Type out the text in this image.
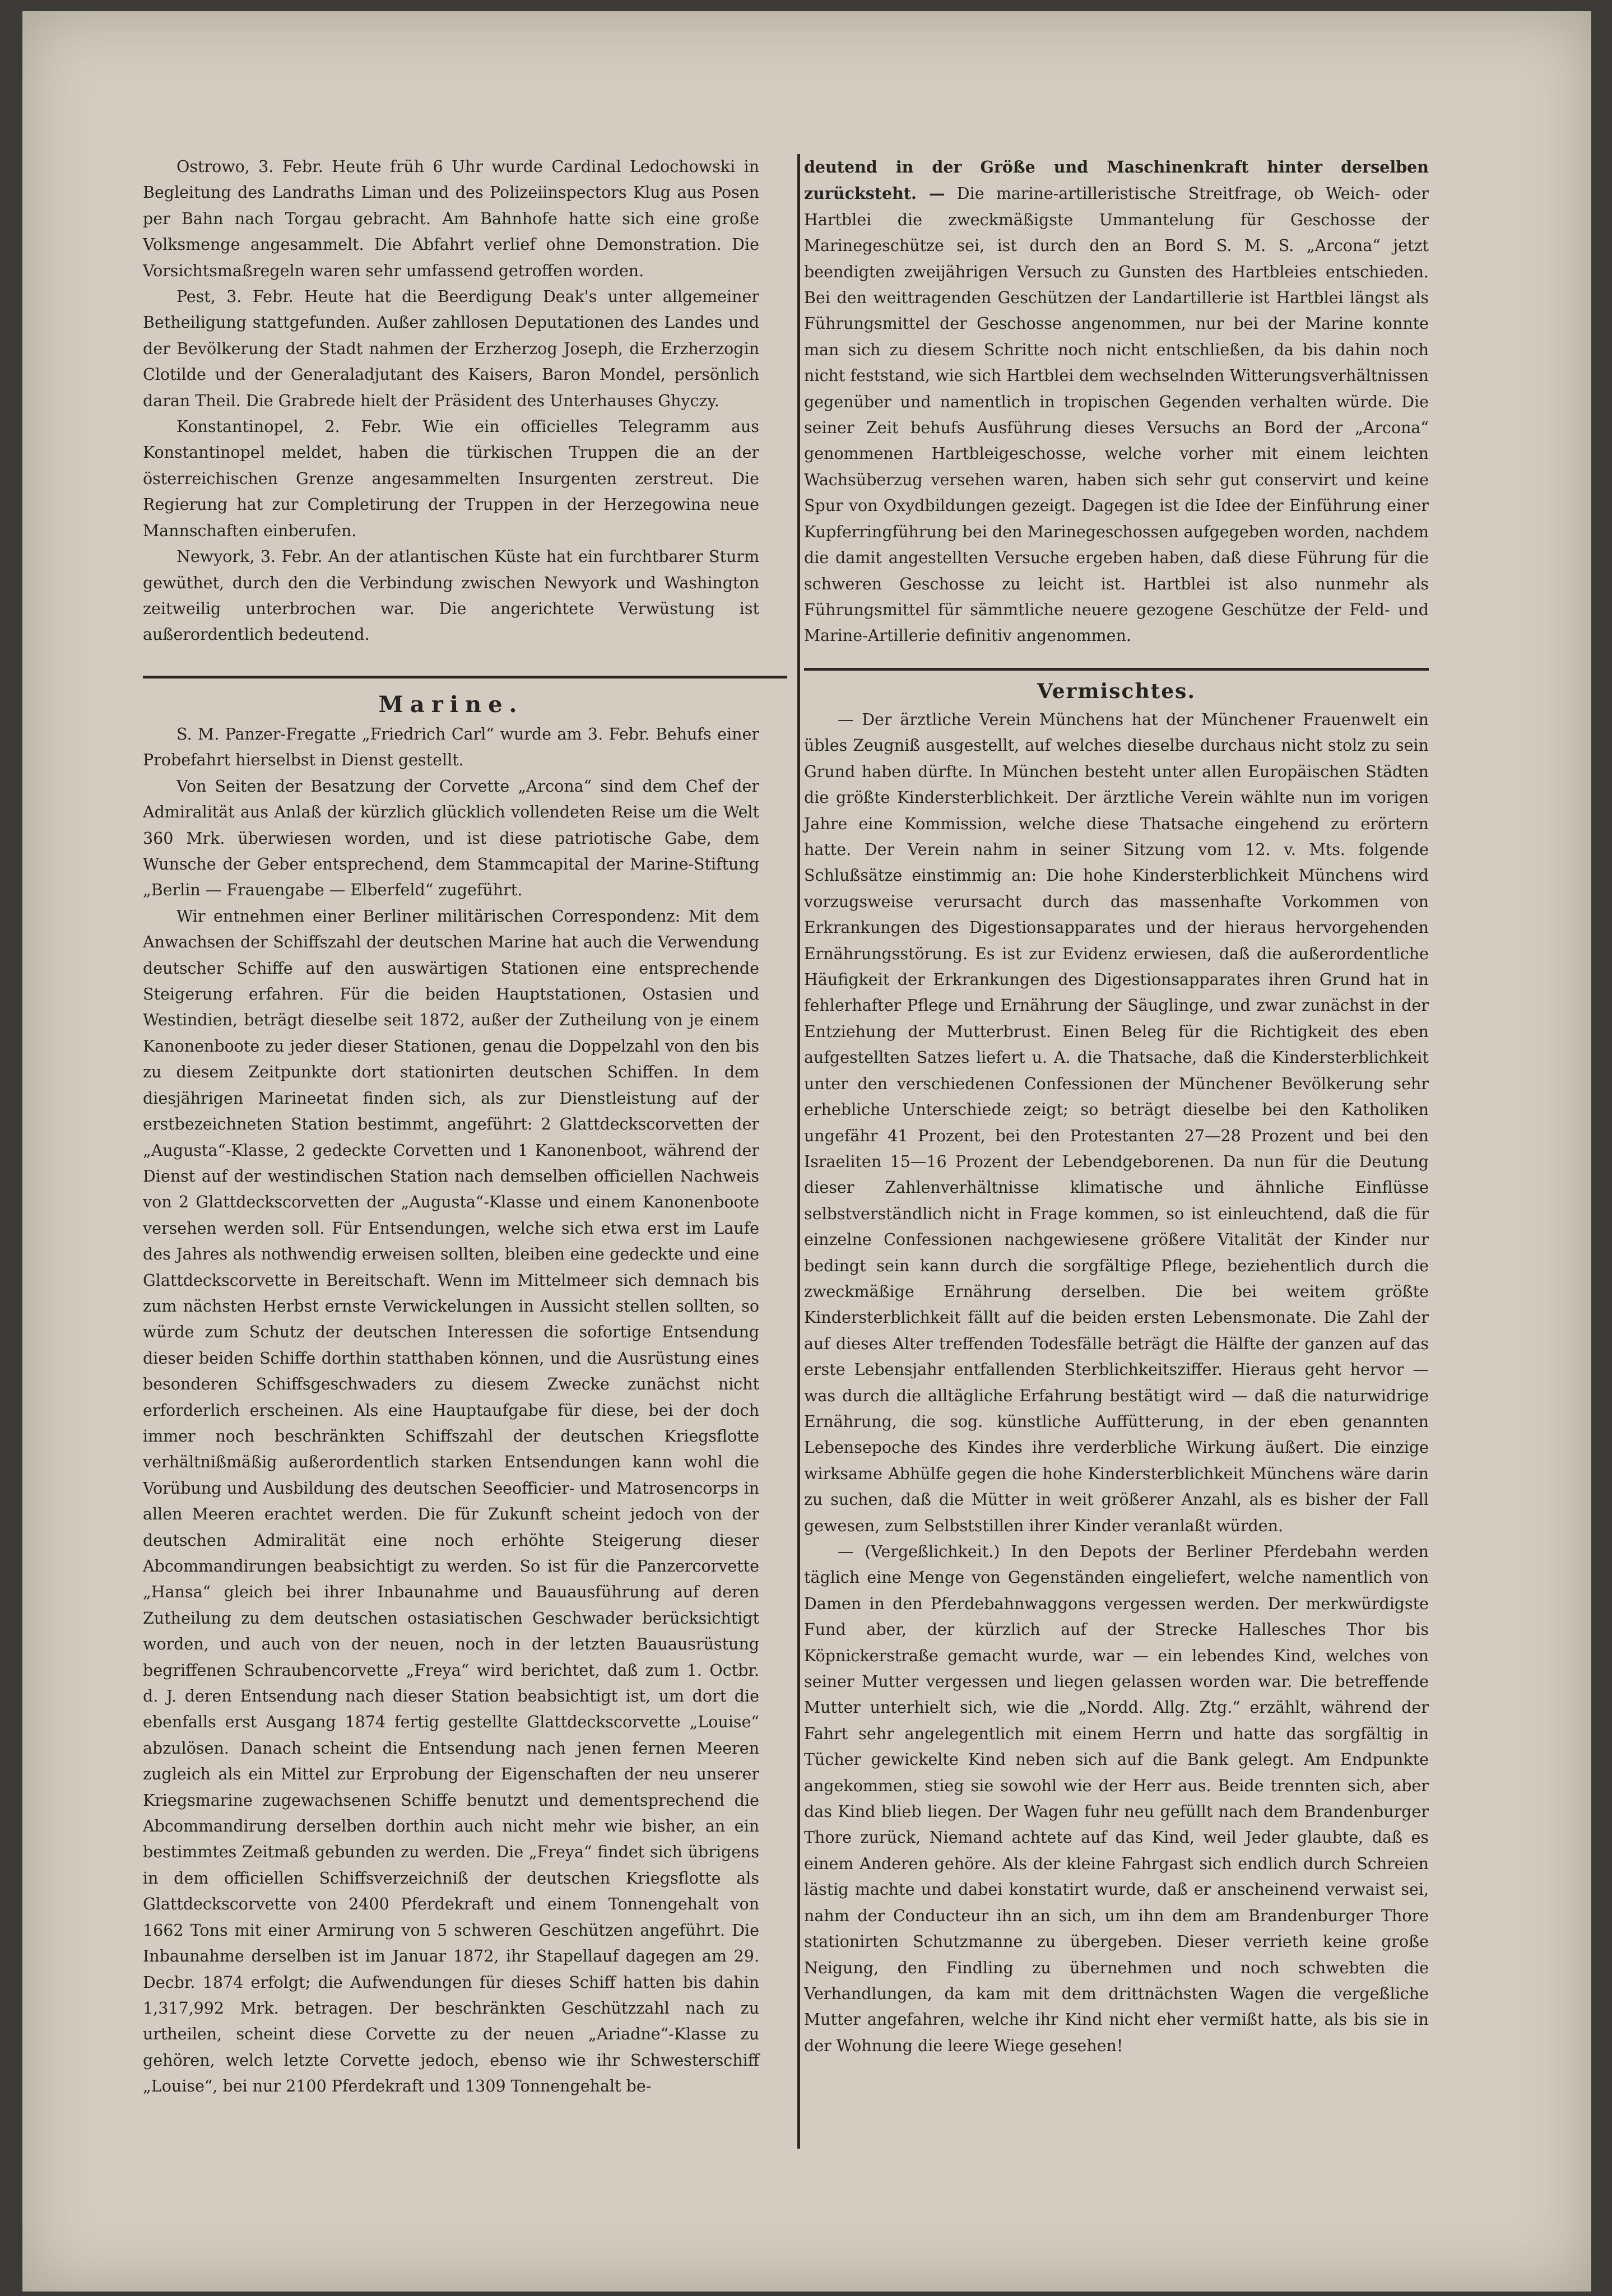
Ostrowo, 3. Febr. Heute früh 6 Uhr wurde Cardinal Ledochowski in Begleitung des Landraths Liman und des Polizeiinspectors Klug aus Posen per Bahn nach Torgau gebracht. Am Bahnhofe hatte sich eine große Volksmenge angesammelt. Die Abfahrt verlief ohne Demonstration. Die Vorsichtsmaßregeln waren sehr umfassend getroffen worden.

Pest, 3. Febr. Heute hat die Beerdigung Deak's unter allgemeiner Betheiligung stattgefunden. Außer zahllosen Deputationen des Landes und der Bevölkerung der Stadt nahmen der Erzherzog Joseph, die Erzherzogin Clotilde und der Generaladjutant des Kaisers, Baron Mondel, persönlich daran Theil. Die Grabrede hielt der Präsident des Unterhauses Ghyczy.

Konstantinopel, 2. Febr. Wie ein officielles Telegramm aus Konstantinopel meldet, haben die türkischen Truppen die an der österreichischen Grenze angesammelten Insurgenten zerstreut. Die Regierung hat zur Completirung der Truppen in der Herzegowina neue Mannschaften einberufen.

Newyork, 3. Febr. An der atlantischen Küste hat ein furchtbarer Sturm gewüthet, durch den die Verbindung zwischen Newyork und Washington zeitweilig unterbrochen war. Die angerichtete Verwüstung ist außerordentlich bedeutend.

Marine.

S. M. Panzer-Fregatte „Friedrich Carl“ wurde am 3. Febr. Behufs einer Probefahrt hierselbst in Dienst gestellt.

Von Seiten der Besatzung der Corvette „Arcona“ sind dem Chef der Admiralität aus Anlaß der kürzlich glücklich vollendeten Reise um die Welt 360 Mrk. überwiesen worden, und ist diese patriotische Gabe, dem Wunsche der Geber entsprechend, dem Stammcapital der Marine-Stiftung „Berlin — Frauengabe — Elberfeld“ zugeführt.

Wir entnehmen einer Berliner militärischen Correspondenz: Mit dem Anwachsen der Schiffszahl der deutschen Marine hat auch die Verwendung deutscher Schiffe auf den auswärtigen Stationen eine entsprechende Steigerung erfahren. Für die beiden Hauptstationen, Ostasien und Westindien, beträgt dieselbe seit 1872, außer der Zutheilung von je einem Kanonenboote zu jeder dieser Stationen, genau die Doppelzahl von den bis zu diesem Zeitpunkte dort stationirten deutschen Schiffen. In dem diesjährigen Marineetat finden sich, als zur Dienstleistung auf der erstbezeichneten Station bestimmt, angeführt: 2 Glattdeckscorvetten der „Augusta“-Klasse, 2 gedeckte Corvetten und 1 Kanonenboot, während der Dienst auf der westindischen Station nach demselben officiellen Nachweis von 2 Glattdeckscorvetten der „Augusta“-Klasse und einem Kanonenboote versehen werden soll. Für Entsendungen, welche sich etwa erst im Laufe des Jahres als nothwendig erweisen sollten, bleiben eine gedeckte und eine Glattdeckscorvette in Bereitschaft. Wenn im Mittelmeer sich demnach bis zum nächsten Herbst ernste Verwickelungen in Aussicht stellen sollten, so würde zum Schutz der deutschen Interessen die sofortige Entsendung dieser beiden Schiffe dorthin statthaben können, und die Ausrüstung eines besonderen Schiffsgeschwaders zu diesem Zwecke zunächst nicht erforderlich erscheinen. Als eine Hauptaufgabe für diese, bei der doch immer noch beschränkten Schiffszahl der deutschen Kriegsflotte verhältnißmäßig außerordentlich starken Entsendungen kann wohl die Vorübung und Ausbildung des deutschen Seeofficier- und Matrosencorps in allen Meeren erachtet werden. Die für Zukunft scheint jedoch von der deutschen Admiralität eine noch erhöhte Steigerung dieser Abcommandirungen beabsichtigt zu werden. So ist für die Panzercorvette „Hansa“ gleich bei ihrer Inbaunahme und Bauausführung auf deren Zutheilung zu dem deutschen ostasiatischen Geschwader berücksichtigt worden, und auch von der neuen, noch in der letzten Bauausrüstung begriffenen Schraubencorvette „Freya“ wird berichtet, daß zum 1. Octbr. d. J. deren Entsendung nach dieser Station beabsichtigt ist, um dort die ebenfalls erst Ausgang 1874 fertig gestellte Glattdeckscorvette „Louise“ abzulösen. Danach scheint die Entsendung nach jenen fernen Meeren zugleich als ein Mittel zur Erprobung der Eigenschaften der neu unserer Kriegsmarine zugewachsenen Schiffe benutzt und dementsprechend die Abcommandirung derselben dorthin auch nicht mehr wie bisher, an ein bestimmtes Zeitmaß gebunden zu werden. Die „Freya“ findet sich übrigens in dem officiellen Schiffsverzeichniß der deutschen Kriegsflotte als Glattdeckscorvette von 2400 Pferdekraft und einem Tonnengehalt von 1662 Tons mit einer Armirung von 5 schweren Geschützen angeführt. Die Inbaunahme derselben ist im Januar 1872, ihr Stapellauf dagegen am 29. Decbr. 1874 erfolgt; die Aufwendungen für dieses Schiff hatten bis dahin 1,317,992 Mrk. betragen. Der beschränkten Geschützzahl nach zu urtheilen, scheint diese Corvette zu der neuen „Ariadne“-Klasse zu gehören, welch letzte Corvette jedoch, ebenso wie ihr Schwesterschiff „Louise“, bei nur 2100 Pferdekraft und 1309 Tonnengehalt be-

deutend in der Größe und Maschinenkraft hinter derselben zurücksteht. — Die marine-artilleristische Streitfrage, ob Weich- oder Hartblei die zweckmäßigste Ummantelung für Geschosse der Marinegeschütze sei, ist durch den an Bord S. M. S. „Arcona“ jetzt beendigten zweijährigen Versuch zu Gunsten des Hartbleies entschieden. Bei den weittragenden Geschützen der Landartillerie ist Hartblei längst als Führungsmittel der Geschosse angenommen, nur bei der Marine konnte man sich zu diesem Schritte noch nicht entschließen, da bis dahin noch nicht feststand, wie sich Hartblei dem wechselnden Witterungsverhältnissen gegenüber und namentlich in tropischen Gegenden verhalten würde. Die seiner Zeit behufs Ausführung dieses Versuchs an Bord der „Arcona“ genommenen Hartbleigeschosse, welche vorher mit einem leichten Wachsüberzug versehen waren, haben sich sehr gut conservirt und keine Spur von Oxydbildungen gezeigt. Dagegen ist die Idee der Einführung einer Kupferringführung bei den Marinegeschossen aufgegeben worden, nachdem die damit angestellten Versuche ergeben haben, daß diese Führung für die schweren Geschosse zu leicht ist. Hartblei ist also nunmehr als Führungsmittel für sämmtliche neuere gezogene Geschütze der Feld- und Marine-Artillerie definitiv angenommen.

Vermischtes.

— Der ärztliche Verein Münchens hat der Münchener Frauenwelt ein übles Zeugniß ausgestellt, auf welches dieselbe durchaus nicht stolz zu sein Grund haben dürfte. In München besteht unter allen Europäischen Städten die größte Kindersterblichkeit. Der ärztliche Verein wählte nun im vorigen Jahre eine Kommission, welche diese Thatsache eingehend zu erörtern hatte. Der Verein nahm in seiner Sitzung vom 12. v. Mts. folgende Schlußsätze einstimmig an: Die hohe Kindersterblichkeit Münchens wird vorzugsweise verursacht durch das massenhafte Vorkommen von Erkrankungen des Digestionsapparates und der hieraus hervorgehenden Ernährungsstörung. Es ist zur Evidenz erwiesen, daß die außerordentliche Häufigkeit der Erkrankungen des Digestionsapparates ihren Grund hat in fehlerhafter Pflege und Ernährung der Säuglinge, und zwar zunächst in der Entziehung der Mutterbrust. Einen Beleg für die Richtigkeit des eben aufgestellten Satzes liefert u. A. die Thatsache, daß die Kindersterblichkeit unter den verschiedenen Confessionen der Münchener Bevölkerung sehr erhebliche Unterschiede zeigt; so beträgt dieselbe bei den Katholiken ungefähr 41 Prozent, bei den Protestanten 27—28 Prozent und bei den Israeliten 15—16 Prozent der Lebendgeborenen. Da nun für die Deutung dieser Zahlenverhältnisse klimatische und ähnliche Einflüsse selbstverständlich nicht in Frage kommen, so ist einleuchtend, daß die für einzelne Confessionen nachgewiesene größere Vitalität der Kinder nur bedingt sein kann durch die sorgfältige Pflege, beziehentlich durch die zweckmäßige Ernährung derselben. Die bei weitem größte Kindersterblichkeit fällt auf die beiden ersten Lebensmonate. Die Zahl der auf dieses Alter treffenden Todesfälle beträgt die Hälfte der ganzen auf das erste Lebensjahr entfallenden Sterblichkeitsziffer. Hieraus geht hervor — was durch die alltägliche Erfahrung bestätigt wird — daß die naturwidrige Ernährung, die sog. künstliche Auffütterung, in der eben genannten Lebensepoche des Kindes ihre verderbliche Wirkung äußert. Die einzige wirksame Abhülfe gegen die hohe Kindersterblichkeit Münchens wäre darin zu suchen, daß die Mütter in weit größerer Anzahl, als es bisher der Fall gewesen, zum Selbststillen ihrer Kinder veranlaßt würden.

— (Vergeßlichkeit.) In den Depots der Berliner Pferdebahn werden täglich eine Menge von Gegenständen eingeliefert, welche namentlich von Damen in den Pferdebahnwaggons vergessen werden. Der merkwürdigste Fund aber, der kürzlich auf der Strecke Hallesches Thor bis Köpnickerstraße gemacht wurde, war — ein lebendes Kind, welches von seiner Mutter vergessen und liegen gelassen worden war. Die betreffende Mutter unterhielt sich, wie die „Nordd. Allg. Ztg.“ erzählt, während der Fahrt sehr angelegentlich mit einem Herrn und hatte das sorgfältig in Tücher gewickelte Kind neben sich auf die Bank gelegt. Am Endpunkte angekommen, stieg sie sowohl wie der Herr aus. Beide trennten sich, aber das Kind blieb liegen. Der Wagen fuhr neu gefüllt nach dem Brandenburger Thore zurück, Niemand achtete auf das Kind, weil Jeder glaubte, daß es einem Anderen gehöre. Als der kleine Fahrgast sich endlich durch Schreien lästig machte und dabei konstatirt wurde, daß er anscheinend verwaist sei, nahm der Conducteur ihn an sich, um ihn dem am Brandenburger Thore stationirten Schutzmanne zu übergeben. Dieser verrieth keine große Neigung, den Findling zu übernehmen und noch schwebten die Verhandlungen, da kam mit dem drittnächsten Wagen die vergeßliche Mutter angefahren, welche ihr Kind nicht eher vermißt hatte, als bis sie in der Wohnung die leere Wiege gesehen!
